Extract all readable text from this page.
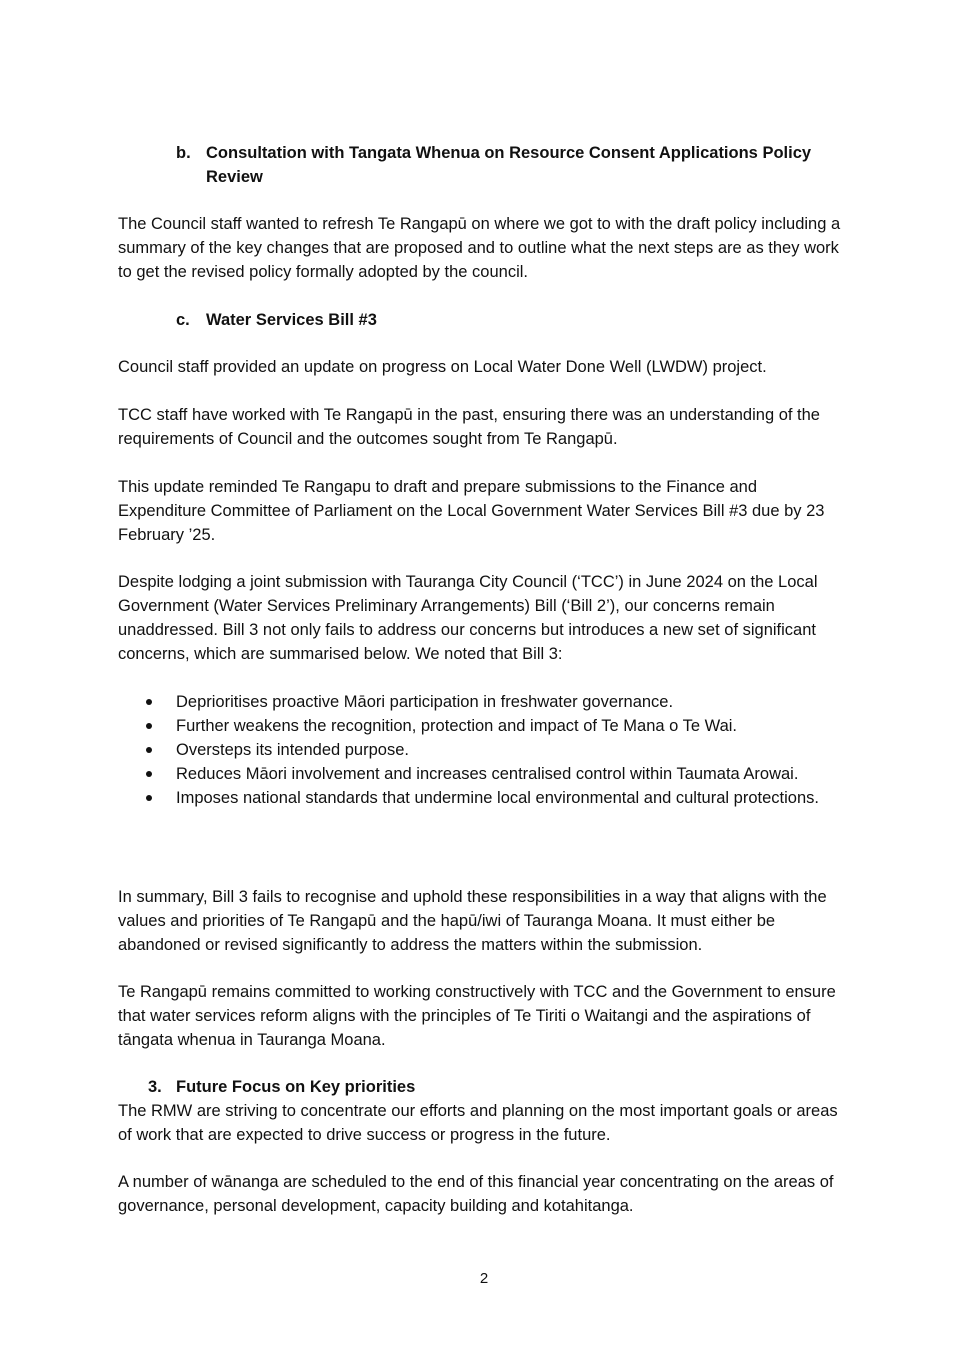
b. Consultation with Tangata Whenua on Resource Consent Applications Policy Review

The Council staff wanted to refresh Te Rangapū on where we got to with the draft policy including a summary of the key changes that are proposed and to outline what the next steps are as they work to get the revised policy formally adopted by the council.

c. Water Services Bill #3

Council staff provided an update on progress on Local Water Done Well (LWDW) project.

TCC staff have worked with Te Rangapū in the past, ensuring there was an understanding of the requirements of Council and the outcomes sought from Te Rangapū.

This update reminded Te Rangapu to draft and prepare submissions to the Finance and Expenditure Committee of Parliament on the Local Government Water Services Bill #3 due by 23 February ’25.

Despite lodging a joint submission with Tauranga City Council (‘TCC’) in June 2024 on the Local Government (Water Services Preliminary Arrangements) Bill (‘Bill 2’), our concerns remain unaddressed. Bill 3 not only fails to address our concerns but introduces a new set of significant concerns, which are summarised below. We noted that Bill 3:

Deprioritises proactive Māori participation in freshwater governance.
Further weakens the recognition, protection and impact of Te Mana o Te Wai.
Oversteps its intended purpose.
Reduces Māori involvement and increases centralised control within Taumata Arowai.
Imposes national standards that undermine local environmental and cultural protections.

In summary, Bill 3 fails to recognise and uphold these responsibilities in a way that aligns with the values and priorities of Te Rangapū and the hapū/iwi of Tauranga Moana. It must either be abandoned or revised significantly to address the matters within the submission.

Te Rangapū remains committed to working constructively with TCC and the Government to ensure that water services reform aligns with the principles of Te Tiriti o Waitangi and the aspirations of tāngata whenua in Tauranga Moana.

3. Future Focus on Key priorities

The RMW are striving to concentrate our efforts and planning on the most important goals or areas of work that are expected to drive success or progress in the future.

A number of wānanga are scheduled to the end of this financial year concentrating on the areas of governance, personal development, capacity building and kotahitanga.

2
